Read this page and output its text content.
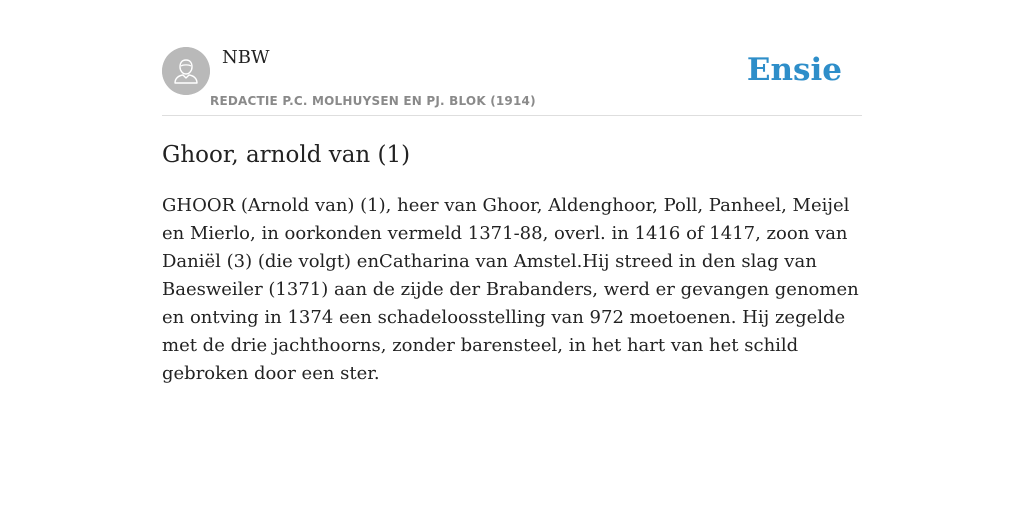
NBW
REDACTIE P.C. MOLHUYSEN EN PJ. BLOK (1914)
Ensie
Ghoor, arnold van (1)

GHOOR (Arnold van) (1), heer van Ghoor, Aldenghoor, Poll, Panheel, Meijel en Mierlo, in oorkonden vermeld 1371-88, overl. in 1416 of 1417, zoon van Daniël (3) (die volgt) enCatharina van Amstel.Hij streed in den slag van Baesweiler (1371) aan de zijde der Brabanders, werd er gevangen genomen en ontving in 1374 een schadeloosstelling van 972 moetoenen. Hij zegelde met de drie jachthoorns, zonder barensteel, in het hart van het schild gebroken door een ster.
